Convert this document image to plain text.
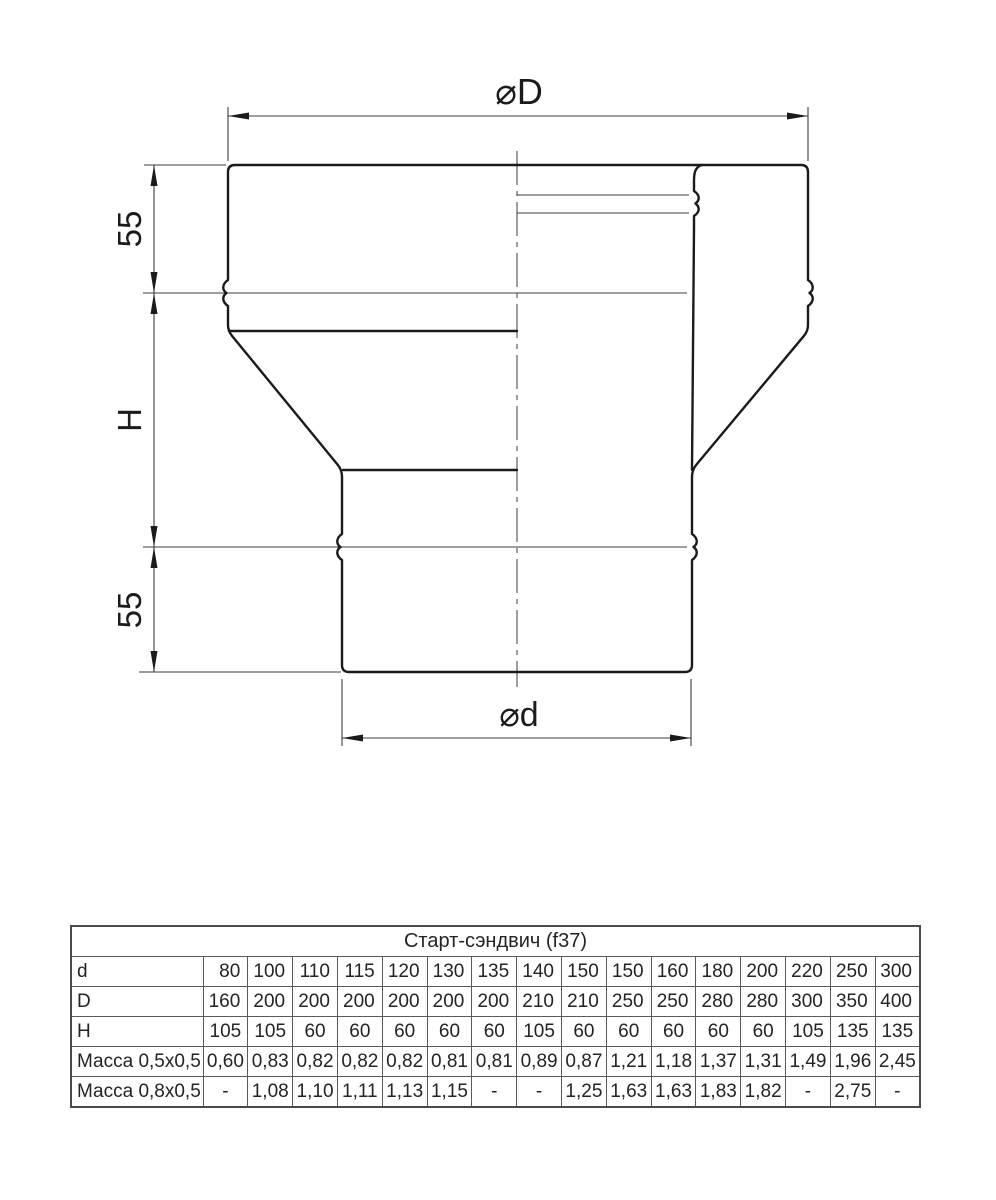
⌀D
⌀d
55
H
55
Старт-сэндвич (f37)																
d	80	100	110	115	120	130	135	140	150	150	160	180	200	220	250	300
D	160	200	200	200	200	200	200	210	210	250	250	280	280	300	350	400
H	105	105	60	60	60	60	60	105	60	60	60	60	60	105	135	135
Масса 0,5x0,5	0,60	0,83	0,82	0,82	0,82	0,81	0,81	0,89	0,87	1,21	1,18	1,37	1,31	1,49	1,96	2,45
Масса 0,8x0,5	-	1,08	1,10	1,11	1,13	1,15	-	-	1,25	1,63	1,63	1,83	1,82	-	2,75	-
